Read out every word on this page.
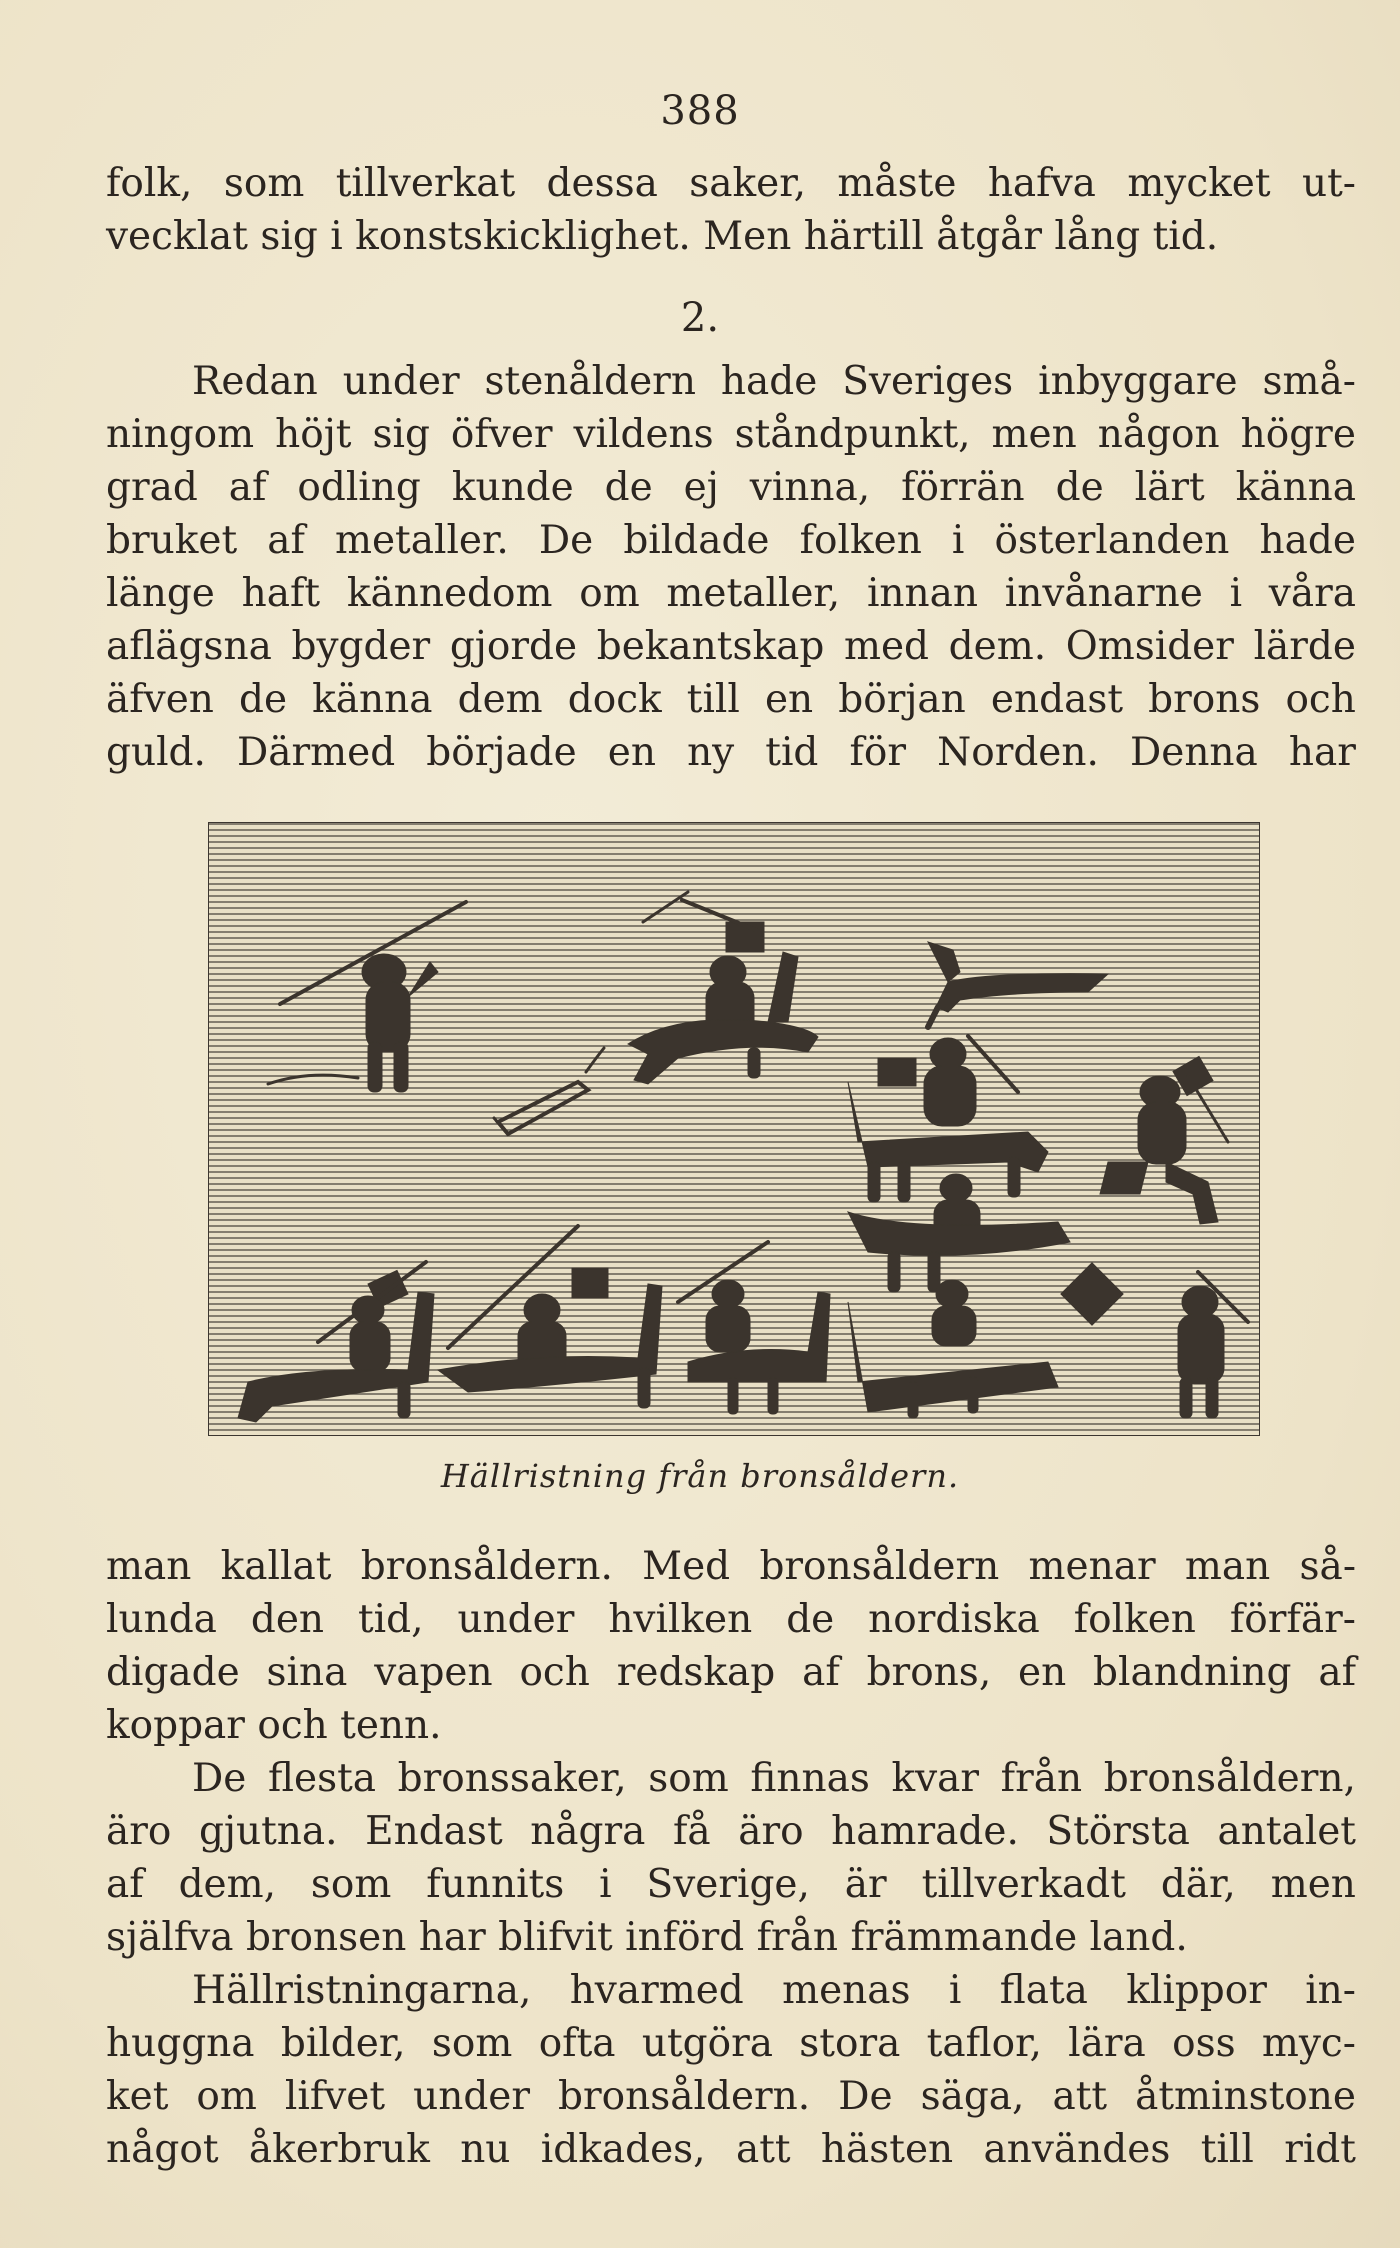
388
folk, som tillverkat dessa saker, måste hafva mycket ut-
vecklat sig i konstskicklighet. Men härtill åtgår lång tid.
2.
Redan under stenåldern hade Sveriges inbyggare små-
ningom höjt sig öfver vildens ståndpunkt, men någon högre
grad af odling kunde de ej vinna, förrän de lärt känna
bruket af metaller. De bildade folken i österlanden hade
länge haft kännedom om metaller, innan invånarne i våra
aflägsna bygder gjorde bekantskap med dem. Omsider lärde
äfven de känna dem dock till en början endast brons och
guld. Därmed började en ny tid för Norden. Denna har
Hällristning från bronsåldern.
man kallat bronsåldern. Med bronsåldern menar man så-
lunda den tid, under hvilken de nordiska folken förfär-
digade sina vapen och redskap af brons, en blandning af
koppar och tenn.
De flesta bronssaker, som finnas kvar från bronsåldern,
äro gjutna. Endast några få äro hamrade. Största antalet
af dem, som funnits i Sverige, är tillverkadt där, men
själfva bronsen har blifvit införd från främmande land.
Hällristningarna, hvarmed menas i flata klippor in-
huggna bilder, som ofta utgöra stora taflor, lära oss myc-
ket om lifvet under bronsåldern. De säga, att åtminstone
något åkerbruk nu idkades, att hästen användes till ridt
